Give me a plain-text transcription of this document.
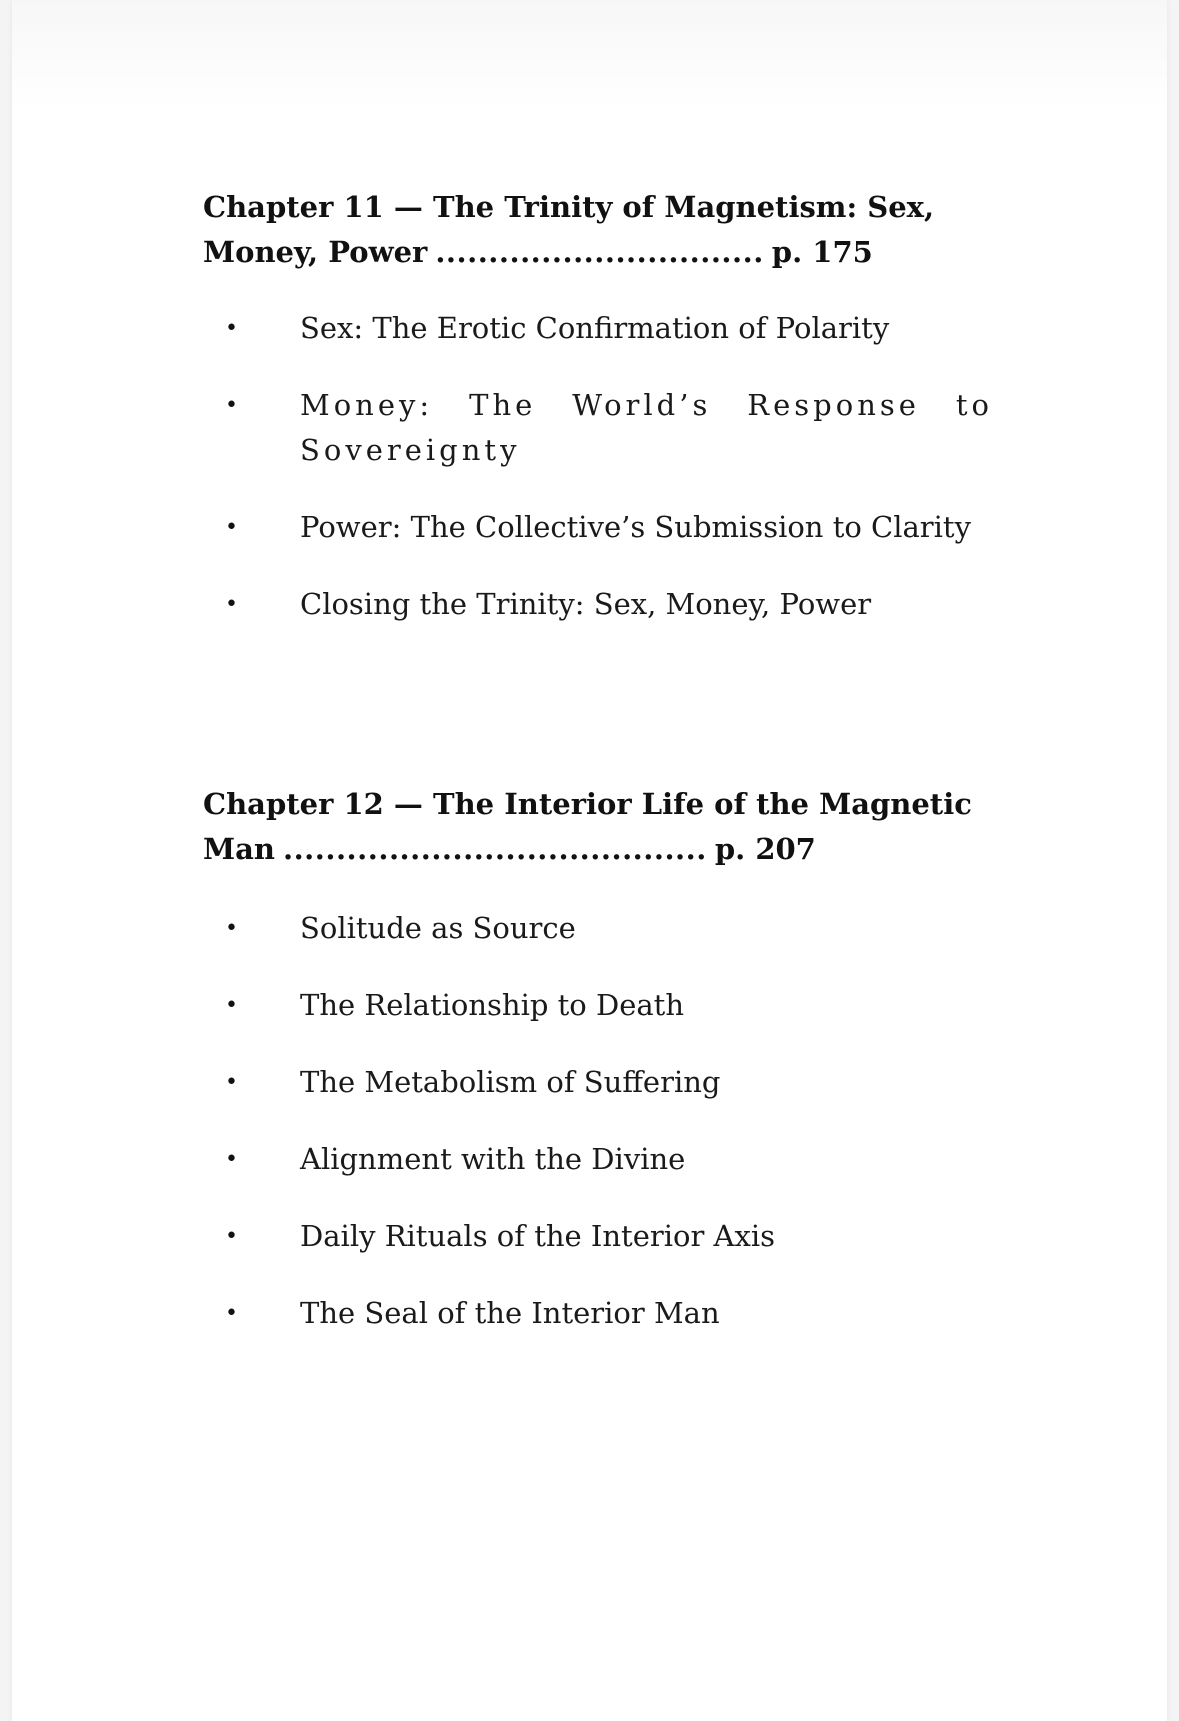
Chapter 11 — The Trinity of Magnetism: Sex,
Money, Power ............................... p. 175
• Sex: The Erotic Confirmation of Polarity
• Money: The World’s Response to Sovereignty
• Power: The Collective’s Submission to Clarity
• Closing the Trinity: Sex, Money, Power
Chapter 12 — The Interior Life of the Magnetic
Man ........................................ p. 207
• Solitude as Source
• The Relationship to Death
• The Metabolism of Suffering
• Alignment with the Divine
• Daily Rituals of the Interior Axis
• The Seal of the Interior Man
